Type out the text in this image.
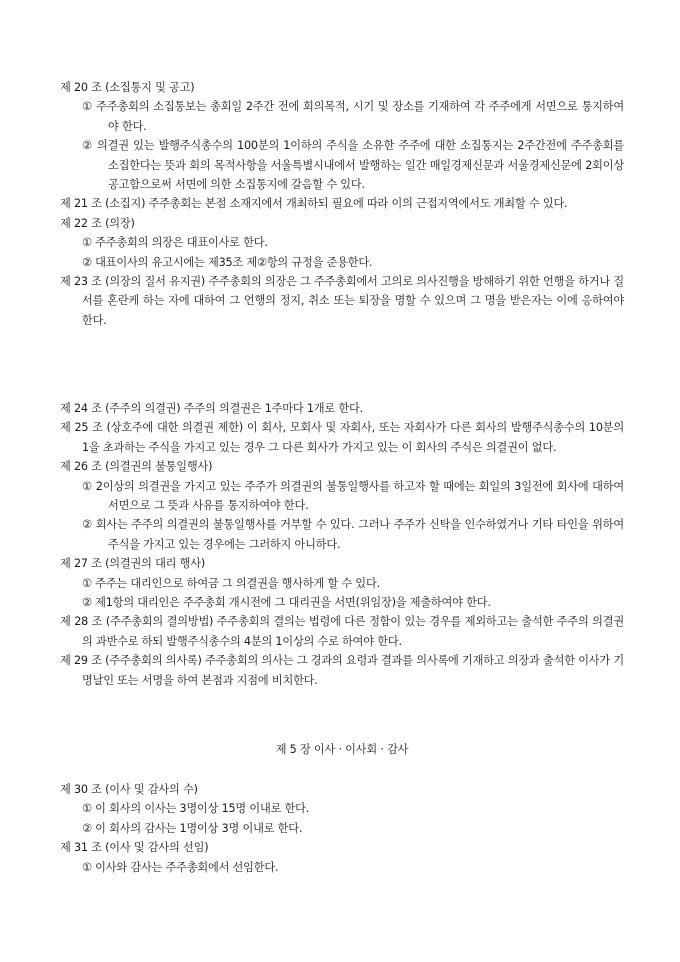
제 20 조 (소집통지 및 공고)

① 주주총회의 소집통보는 총회일 2주간 전에 회의목적, 시기 및 장소를 기재하여 각 주주에게 서면으로 통지하여야 한다.

② 의결권 있는 발행주식총수의 100분의 1이하의 주식을 소유한 주주에 대한 소집통지는 2주간전에 주주총회를 소집한다는 뜻과 회의 목적사항을 서울특별시내에서 발행하는 일간 매일경제신문과 서울경제신문에 2회이상 공고함으로써 서면에 의한 소집통지에 갈음할 수 있다.

제 21 조 (소집지) 주주총회는 본점 소재지에서 개최하되 필요에 따라 이의 근접지역에서도 개최할 수 있다.

제 22 조 (의장)

① 주주총회의 의장은 대표이사로 한다.

② 대표이사의 유고시에는 제35조 제②항의 규정을 준용한다.

제 23 조 (의장의 질서 유지권) 주주총회의 의장은 그 주주총회에서 고의로 의사진행을 방해하기 위한 언행을 하거나 질서를 혼란케 하는 자에 대하여 그 언행의 정지, 취소 또는 퇴장을 명할 수 있으며 그 명을 받은자는 이에 응하여야 한다.

제 24 조 (주주의 의결권) 주주의 의결권은 1주마다 1개로 한다.

제 25 조 (상호주에 대한 의결권 제한) 이 회사, 모회사 및 자회사, 또는 자회사가 다른 회사의 발행주식총수의 10분의 1을 초과하는 주식을 가지고 있는 경우 그 다른 회사가 가지고 있는 이 회사의 주식은 의결권이 없다.

제 26 조 (의결권의 불통일행사)

① 2이상의 의결권을 가지고 있는 주주가 의결권의 불통일행사를 하고자 할 때에는 회일의 3일전에 회사에 대하여 서면으로 그 뜻과 사유를 통지하여야 한다.

② 회사는 주주의 의결권의 불통일행사를 거부할 수 있다. 그러나 주주가 신탁을 인수하였거나 기타 타인을 위하여 주식을 가지고 있는 경우에는 그러하지 아니하다.

제 27 조 (의결권의 대리 행사)

① 주주는 대리인으로 하여금 그 의결권을 행사하게 할 수 있다.

② 제1항의 대리인은 주주총회 개시전에 그 대리권을 서면(위임장)을 제출하여야 한다.

제 28 조 (주주총회의 결의방법) 주주총회의 결의는 법령에 다른 정함이 있는 경우를 제외하고는 출석한 주주의 의결권의 과반수로 하되 발행주식총수의 4분의 1이상의 수로 하여야 한다.

제 29 조 (주주총회의 의사록) 주주총회의 의사는 그 경과의 요령과 결과를 의사록에 기재하고 의장과 출석한 이사가 기명날인 또는 서명을 하여 본점과 지점에 비치한다.

제 5 장 이사 · 이사회 · 감사

제 30 조 (이사 및 감사의 수)

① 이 회사의 이사는 3명이상 15명 이내로 한다.

② 이 회사의 감사는 1명이상 3명 이내로 한다.

제 31 조 (이사 및 감사의 선임)

① 이사와 감사는 주주총회에서 선임한다.
